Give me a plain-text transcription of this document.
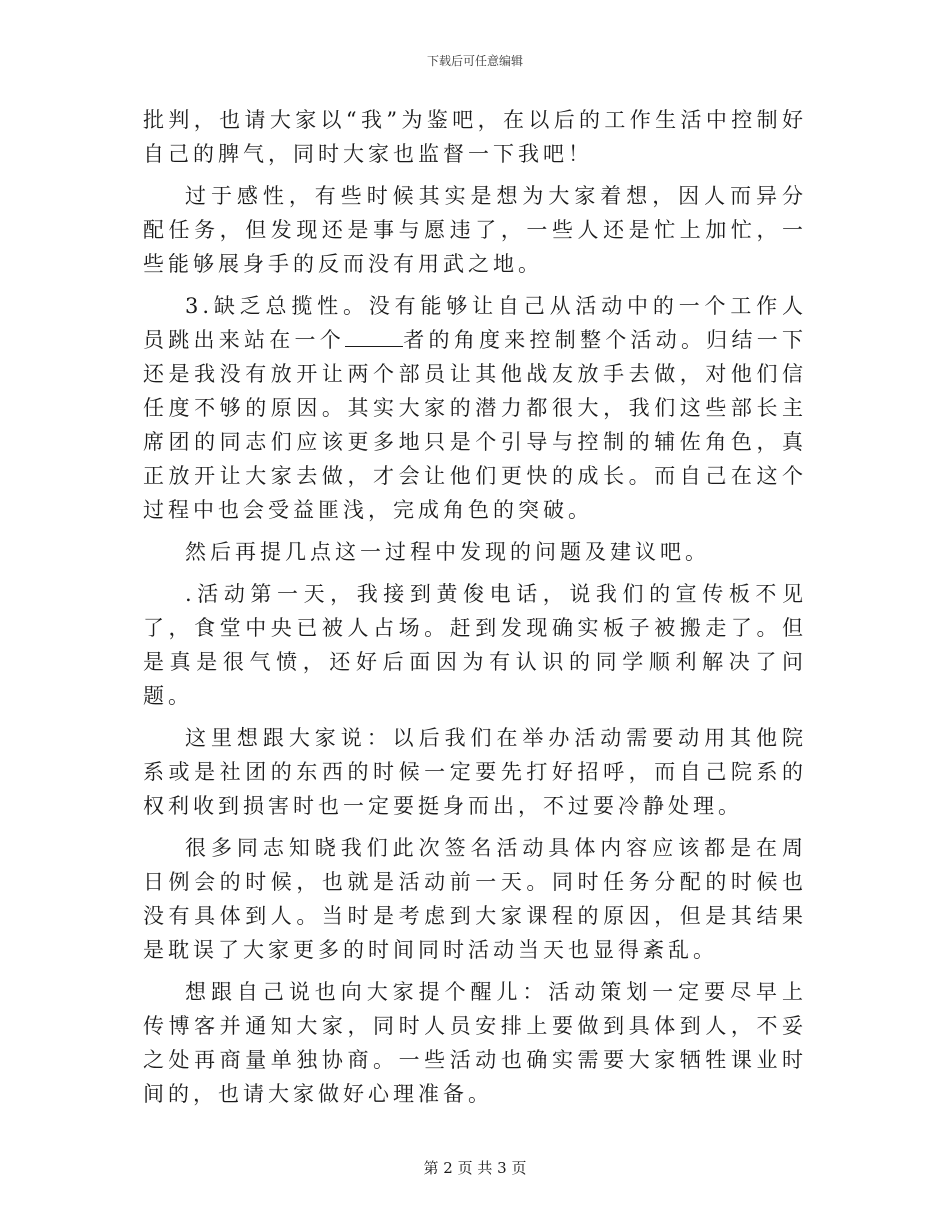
下载后可任意编辑

批判，也请大家以“我”为鉴吧，在以后的工作生活中控制好自己的脾气，同时大家也监督一下我吧！

过于感性，有些时候其实是想为大家着想，因人而异分配任务，但发现还是事与愿违了，一些人还是忙上加忙，一些能够展身手的反而没有用武之地。

3.缺乏总揽性。没有能够让自己从活动中的一个工作人员跳出来站在一个	者的角度来控制整个活动。归结一下还是我没有放开让两个部员让其他战友放手去做，对他们信任度不够的原因。其实大家的潜力都很大，我们这些部长主席团的同志们应该更多地只是个引导与控制的辅佐角色，真正放开让大家去做，才会让他们更快的成长。而自己在这个过程中也会受益匪浅，完成角色的突破。

然后再提几点这一过程中发现的问题及建议吧。

.活动第一天，我接到黄俊电话，说我们的宣传板不见了，食堂中央已被人占场。赶到发现确实板子被搬走了。但是真是很气愤，还好后面因为有认识的同学顺利解决了问题。

这里想跟大家说：以后我们在举办活动需要动用其他院系或是社团的东西的时候一定要先打好招呼，而自己院系的权利收到损害时也一定要挺身而出，不过要冷静处理。

很多同志知晓我们此次签名活动具体内容应该都是在周日例会的时候，也就是活动前一天。同时任务分配的时候也没有具体到人。当时是考虑到大家课程的原因，但是其结果是耽误了大家更多的时间同时活动当天也显得紊乱。

想跟自己说也向大家提个醒儿：活动策划一定要尽早上传博客并通知大家，同时人员安排上要做到具体到人，不妥之处再商量单独协商。一些活动也确实需要大家牺牲课业时间的，也请大家做好心理准备。

第 2 页 共 3 页
